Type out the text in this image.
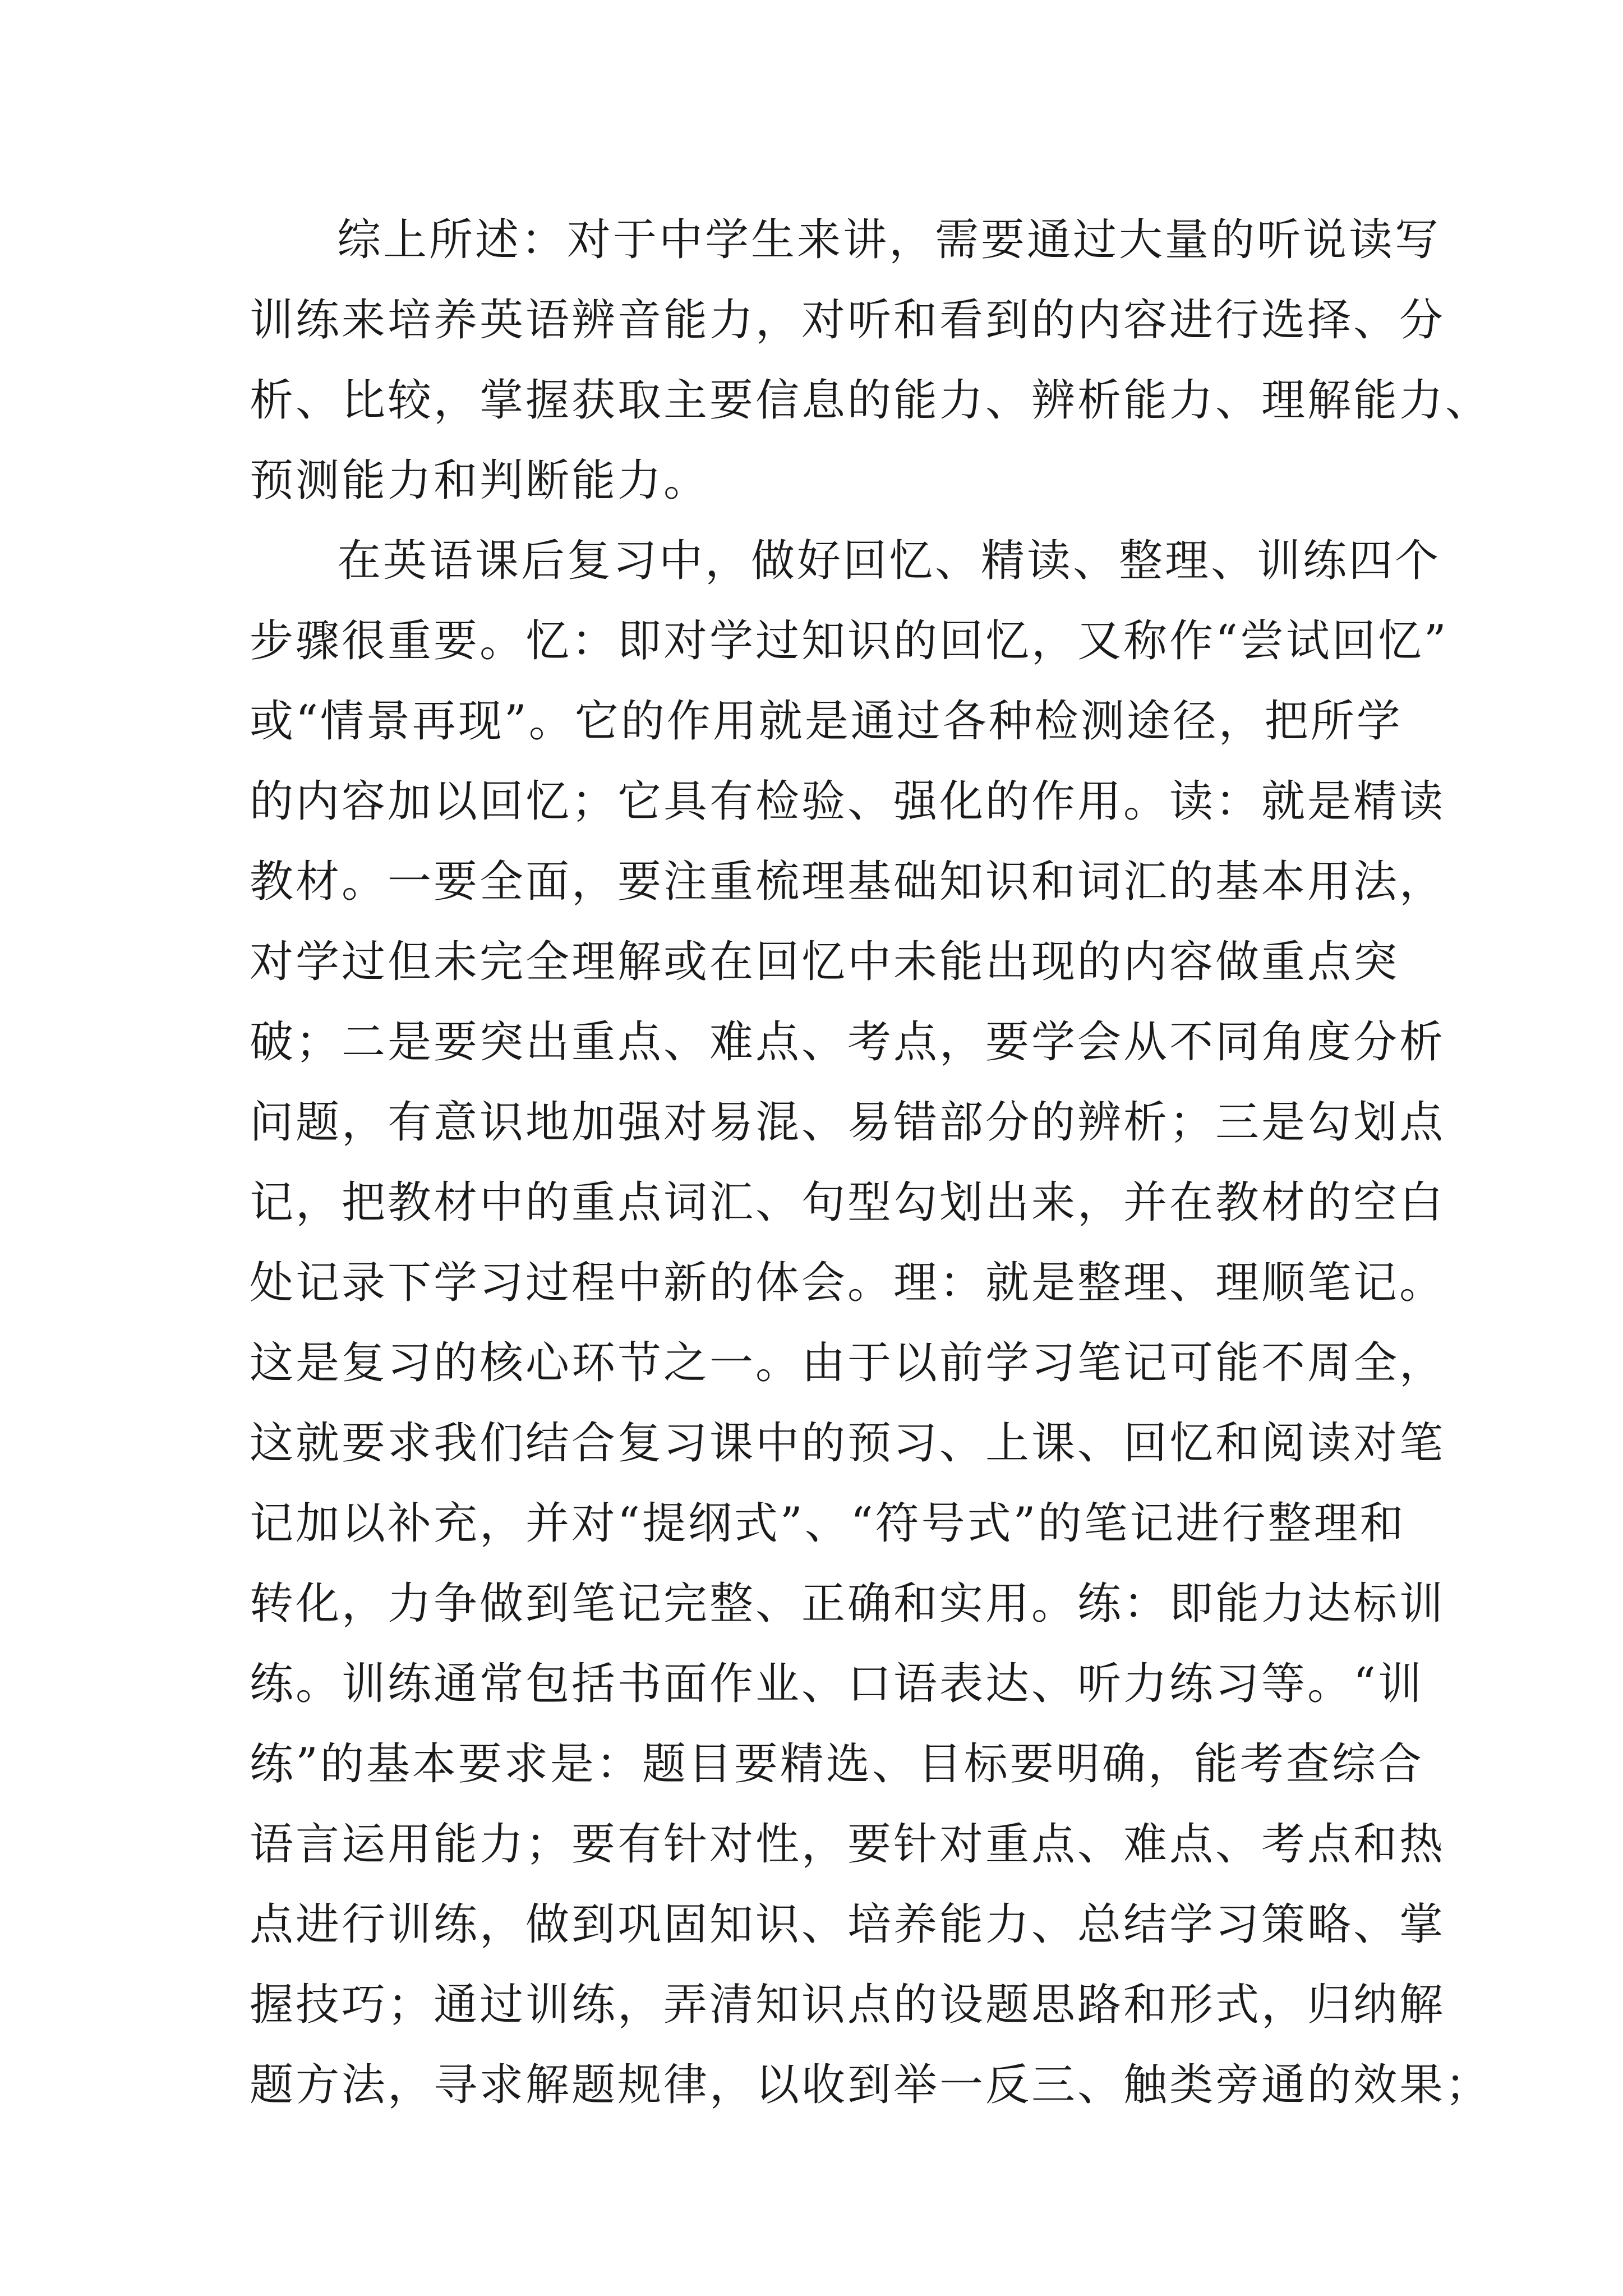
综上所述：对于中学生来讲，需要通过大量的听说读写
训练来培养英语辨音能力，对听和看到的内容进行选择、分
析、比较，掌握获取主要信息的能力、辨析能力、理解能力、
预测能力和判断能力。
在英语课后复习中，做好回忆、精读、整理、训练四个
步骤很重要。忆：即对学过知识的回忆，又称作“尝试回忆”
或“情景再现”。它的作用就是通过各种检测途径，把所学
的内容加以回忆；它具有检验、强化的作用。读：就是精读
教材。一要全面，要注重梳理基础知识和词汇的基本用法，
对学过但未完全理解或在回忆中未能出现的内容做重点突
破；二是要突出重点、难点、考点，要学会从不同角度分析
问题，有意识地加强对易混、易错部分的辨析；三是勾划点
记，把教材中的重点词汇、句型勾划出来，并在教材的空白
处记录下学习过程中新的体会。理：就是整理、理顺笔记。
这是复习的核心环节之一。由于以前学习笔记可能不周全，
这就要求我们结合复习课中的预习、上课、回忆和阅读对笔
记加以补充，并对“提纲式”、“符号式”的笔记进行整理和
转化，力争做到笔记完整、正确和实用。练：即能力达标训
练。训练通常包括书面作业、口语表达、听力练习等。“训
练”的基本要求是：题目要精选、目标要明确，能考查综合
语言运用能力；要有针对性，要针对重点、难点、考点和热
点进行训练，做到巩固知识、培养能力、总结学习策略、掌
握技巧；通过训练，弄清知识点的设题思路和形式，归纳解
题方法，寻求解题规律，以收到举一反三、触类旁通的效果；
